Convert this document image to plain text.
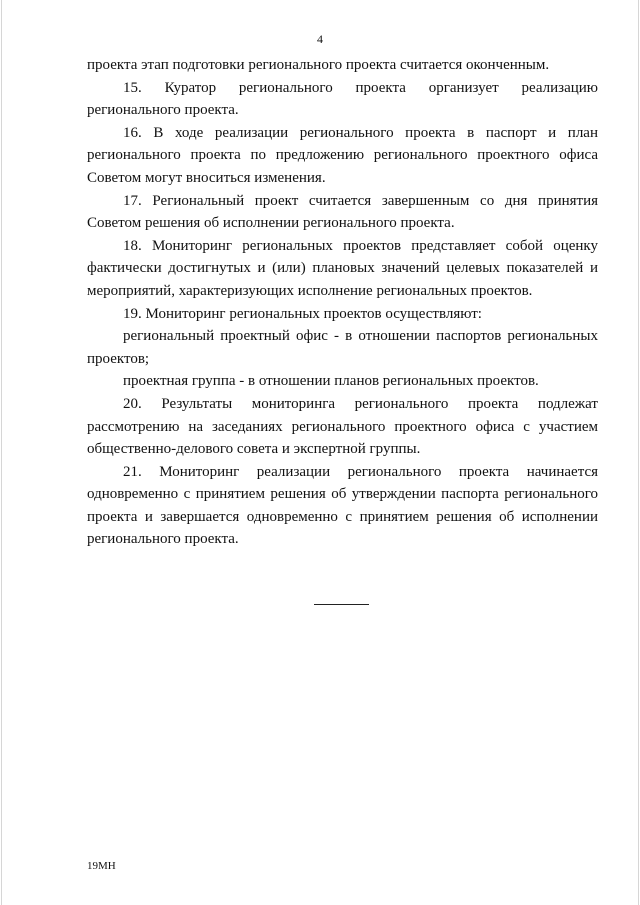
4

проекта этап подготовки регионального проекта считается оконченным.

15. Куратор регионального проекта организует реализацию регионального проекта.

16. В ходе реализации регионального проекта в паспорт и план регионального проекта по предложению регионального проектного офиса Советом могут вноситься изменения.

17. Региональный проект считается завершенным со дня принятия Советом решения об исполнении регионального проекта.

18. Мониторинг региональных проектов представляет собой оценку фактически достигнутых и (или) плановых значений целевых показателей и мероприятий, характеризующих исполнение региональных проектов.

19. Мониторинг региональных проектов осуществляют:

региональный проектный офис - в отношении паспортов региональных проектов;

проектная группа - в отношении планов региональных проектов.

20. Результаты мониторинга регионального проекта подлежат рассмотрению на заседаниях регионального проектного офиса с участием общественно-делового совета и экспертной группы.

21. Мониторинг реализации регионального проекта начинается одновременно с принятием решения об утверждении паспорта регионального проекта и завершается одновременно с принятием решения об исполнении регионального проекта.

19МН
